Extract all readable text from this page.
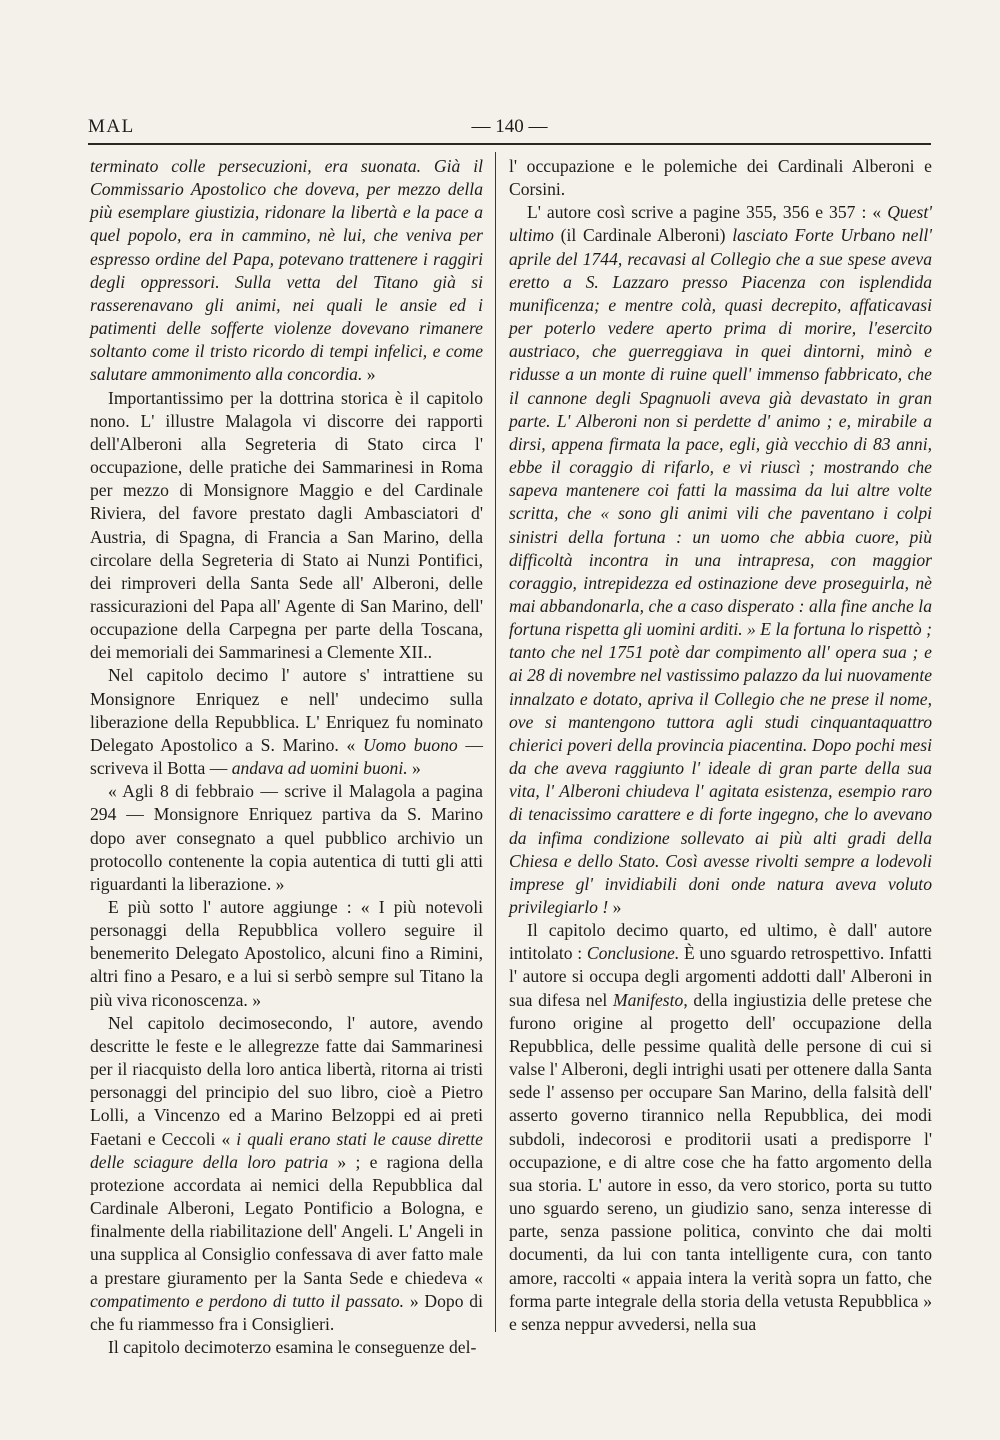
MAL	— 140 —

terminato colle persecuzioni, era suonata. Già il Commissario Apostolico che doveva, per mezzo della più esemplare giustizia, ridonare la libertà e la pace a quel popolo, era in cammino, nè lui, che veniva per espresso ordine del Papa, potevano trattenere i raggiri degli oppressori. Sulla vetta del Titano già si rasserenavano gli animi, nei quali le ansie ed i patimenti delle sofferte violenze dovevano rimanere soltanto come il tristo ricordo di tempi infelici, e come salutare ammonimento alla concordia. »

Importantissimo per la dottrina storica è il capitolo nono. L' illustre Malagola vi discorre dei rapporti dell'Alberoni alla Segreteria di Stato circa l' occupazione, delle pratiche dei Sammarinesi in Roma per mezzo di Monsignore Maggio e del Cardinale Riviera, del favore prestato dagli Ambasciatori d' Austria, di Spagna, di Francia a San Marino, della circolare della Segreteria di Stato ai Nunzi Pontifici, dei rimproveri della Santa Sede all' Alberoni, delle rassicurazioni del Papa all' Agente di San Marino, dell' occupazione della Carpegna per parte della Toscana, dei memoriali dei Sammarinesi a Clemente XII..

Nel capitolo decimo l' autore s' intrattiene su Monsignore Enriquez e nell' undecimo sulla liberazione della Repubblica. L' Enriquez fu nominato Delegato Apostolico a S. Marino. « Uomo buono — scriveva il Botta — andava ad uomini buoni. »

« Agli 8 di febbraio — scrive il Malagola a pagina 294 — Monsignore Enriquez partiva da S. Marino dopo aver consegnato a quel pubblico archivio un protocollo contenente la copia autentica di tutti gli atti riguardanti la liberazione. »

E più sotto l' autore aggiunge : « I più notevoli personaggi della Repubblica vollero seguire il benemerito Delegato Apostolico, alcuni fino a Rimini, altri fino a Pesaro, e a lui si serbò sempre sul Titano la più viva riconoscenza. »

Nel capitolo decimosecondo, l' autore, avendo descritte le feste e le allegrezze fatte dai Sammarinesi per il riacquisto della loro antica libertà, ritorna ai tristi personaggi del principio del suo libro, cioè a Pietro Lolli, a Vincenzo ed a Marino Belzoppi ed ai preti Faetani e Ceccoli « i quali erano stati le cause dirette delle sciagure della loro patria » ; e ragiona della protezione accordata ai nemici della Repubblica dal Cardinale Alberoni, Legato Pontificio a Bologna, e finalmente della riabilitazione dell' Angeli. L' Angeli in una supplica al Consiglio confessava di aver fatto male a prestare giuramento per la Santa Sede e chiedeva « compatimento e perdono di tutto il passato. » Dopo di che fu riammesso fra i Consiglieri.

Il capitolo decimoterzo esamina le conseguenze del-

l' occupazione e le polemiche dei Cardinali Alberoni e Corsini.

L' autore così scrive a pagine 355, 356 e 357 : « Quest' ultimo (il Cardinale Alberoni) lasciato Forte Urbano nell' aprile del 1744, recavasi al Collegio che a sue spese aveva eretto a S. Lazzaro presso Piacenza con isplendida munificenza; e mentre colà, quasi decrepito, affaticavasi per poterlo vedere aperto prima di morire, l'esercito austriaco, che guerreggiava in quei dintorni, minò e ridusse a un monte di ruine quell' immenso fabbricato, che il cannone degli Spagnuoli aveva già devastato in gran parte. L' Alberoni non si perdette d' animo ; e, mirabile a dirsi, appena firmata la pace, egli, già vecchio di 83 anni, ebbe il coraggio di rifarlo, e vi riuscì ; mostrando che sapeva mantenere coi fatti la massima da lui altre volte scritta, che « sono gli animi vili che paventano i colpi sinistri della fortuna : un uomo che abbia cuore, più difficoltà incontra in una intrapresa, con maggior coraggio, intrepidezza ed ostinazione deve proseguirla, nè mai abbandonarla, che a caso disperato : alla fine anche la fortuna rispetta gli uomini arditi. » E la fortuna lo rispettò ; tanto che nel 1751 potè dar compimento all' opera sua ; e ai 28 di novembre nel vastissimo palazzo da lui nuovamente innalzato e dotato, apriva il Collegio che ne prese il nome, ove si mantengono tuttora agli studi cinquantaquattro chierici poveri della provincia piacentina. Dopo pochi mesi da che aveva raggiunto l' ideale di gran parte della sua vita, l' Alberoni chiudeva l' agitata esistenza, esempio raro di tenacissimo carattere e di forte ingegno, che lo avevano da infima condizione sollevato ai più alti gradi della Chiesa e dello Stato. Così avesse rivolti sempre a lodevoli imprese gl' invidiabili doni onde natura aveva voluto privilegiarlo ! »

Il capitolo decimo quarto, ed ultimo, è dall' autore intitolato : Conclusione. È uno sguardo retrospettivo. Infatti l' autore si occupa degli argomenti addotti dall' Alberoni in sua difesa nel Manifesto, della ingiustizia delle pretese che furono origine al progetto dell' occupazione della Repubblica, delle pessime qualità delle persone di cui si valse l' Alberoni, degli intrighi usati per ottenere dalla Santa sede l' assenso per occupare San Marino, della falsità dell' asserto governo tirannico nella Repubblica, dei modi subdoli, indecorosi e proditorii usati a predisporre l' occupazione, e di altre cose che ha fatto argomento della sua storia. L' autore in esso, da vero storico, porta su tutto uno sguardo sereno, un giudizio sano, senza interesse di parte, senza passione politica, convinto che dai molti documenti, da lui con tanta intelligente cura, con tanto amore, raccolti « appaia intera la verità sopra un fatto, che forma parte integrale della storia della vetusta Repubblica » e senza neppur avvedersi, nella sua
